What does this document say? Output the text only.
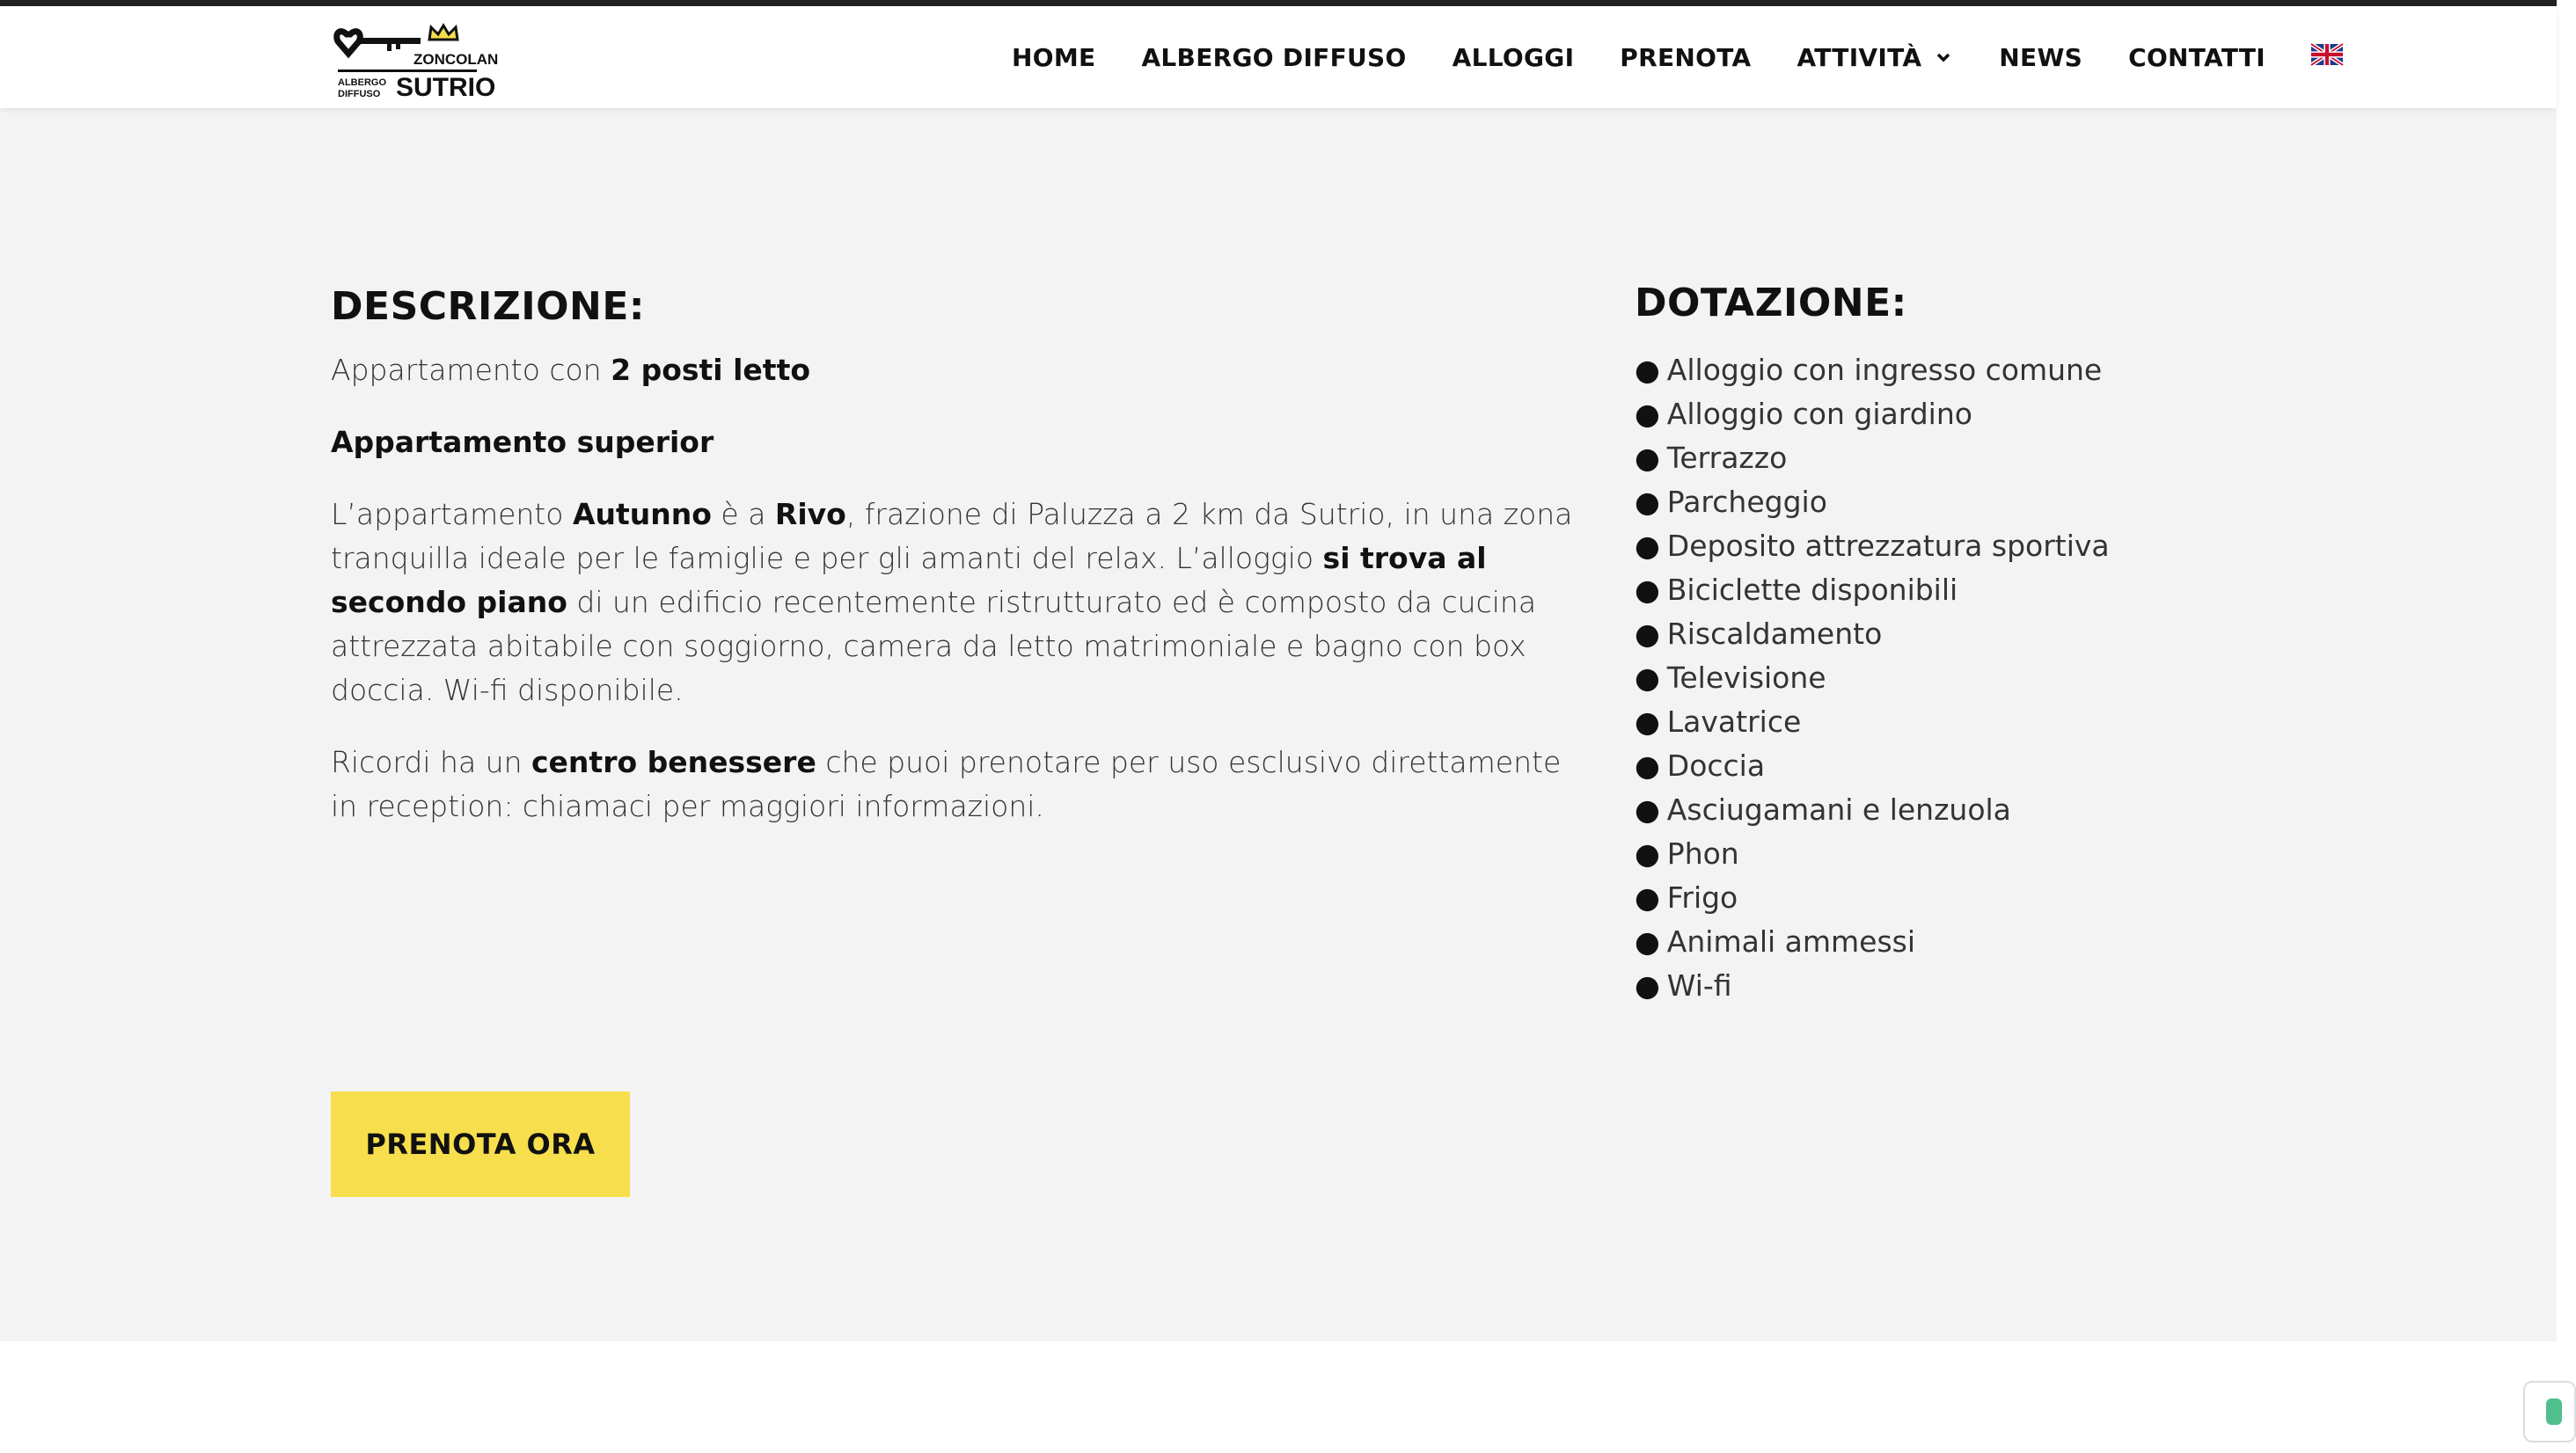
ZONCOLAN
ALBERGO
DIFFUSO SUTRIO
HOME ALBERGO DIFFUSO ALLOGGI PRENOTA ATTIVITÀ	NEWS CONTATTI
DESCRIZIONE:

Appartamento con 2 posti letto

Appartamento superior

L’appartamento Autunno è a Rivo, frazione di Paluzza a 2 km da Sutrio, in una zona tranquilla ideale per le famiglie e per gli amanti del relax. L’alloggio si trova al secondo piano di un edificio recentemente ristrutturato ed è composto da cucina attrezzata abitabile con soggiorno, camera da letto matrimoniale e bagno con box doccia. Wi-fi disponibile.

Ricordi ha un centro benessere che puoi prenotare per uso esclusivo direttamente in reception: chiamaci per maggiori informazioni.

DOTAZIONE:
● Alloggio con ingresso comune
● Alloggio con giardino
● Terrazzo
● Parcheggio
● Deposito attrezzatura sportiva
● Biciclette disponibili
● Riscaldamento
● Televisione
● Lavatrice
● Doccia
● Asciugamani e lenzuola
● Phon
● Frigo
● Animali ammessi
● Wi-fi
PRENOTA ORA
